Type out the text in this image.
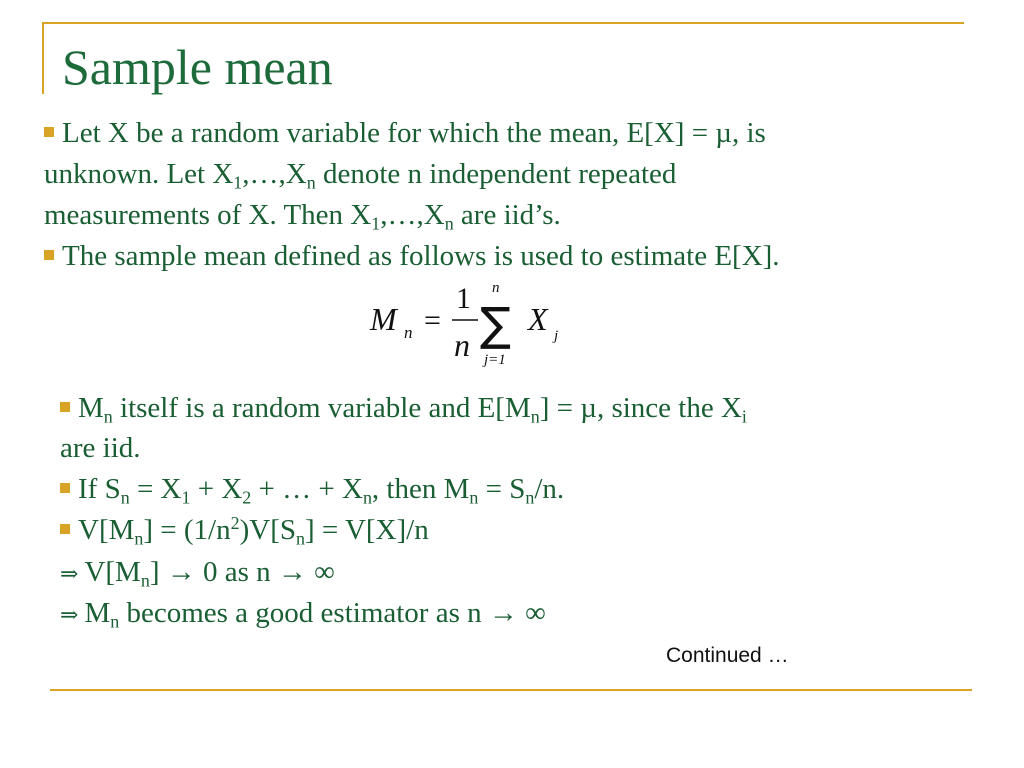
Sample mean
Let X be a random variable for which the mean, E[X] = µ, is
unknown. Let $X_1,\dots,X_n$ denote n independent repeated
measurements of X. Then $X_1,\dots,X_n$ are iid’s.
The sample mean defined as follows is used to estimate E[X].
M n =
1
n
n
∑
j=1
X j
$M_n$ itself is a random variable and $E[M_n] = \mu$, since the $X_i$
are iid.
If $S_n = X_1 + X_2$ + … + $X_n$, then $M_n = S_n/n$.
$V[M_n] = (1/n^2)V[S_n] = V[X]/n$
⇒ $V[M_n] \to 0$ as n → ∞
⇒ $M_n$ becomes a good estimator as n → ∞
Continued …
